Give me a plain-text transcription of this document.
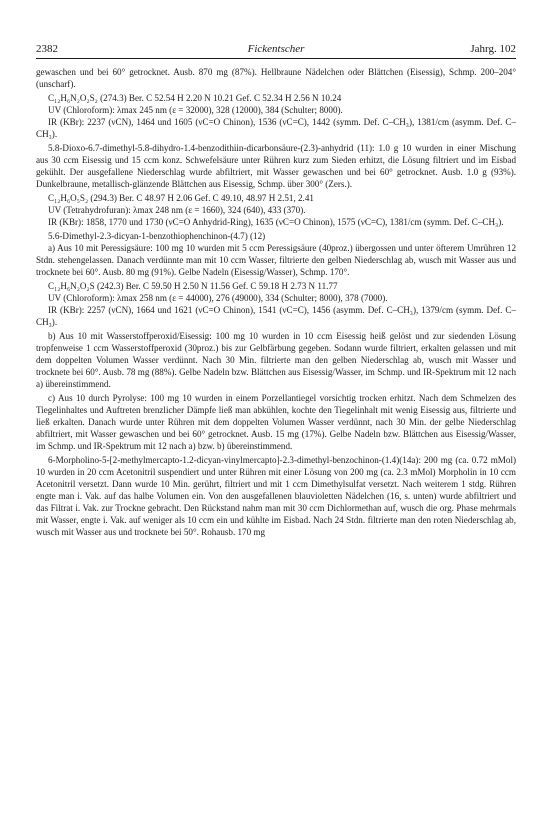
2382	Fickentscher	Jahrg. 102

gewaschen und bei 60° getrocknet. Ausb. 870 mg (87%). Hellbraune Nädelchen oder Blättchen (Eisessig), Schmp. 200–204° (unscharf).

C₁₂H₆N₂O₂S₂ (274.3) Ber. C 52.54 H 2.20 N 10.21 Gef. C 52.34 H 2.56 N 10.24

UV (Chloroform): λmax 245 nm (ε = 32000), 328 (12000), 384 (Schulter; 8000).

IR (KBr): 2237 (νCN), 1464 und 1605 (νC=O Chinon), 1536 (νC=C), 1442 (symm. Def. C–CH₃), 1381/cm (asymm. Def. C–CH₃).

5.8-Dioxo-6.7-dimethyl-5.8-dihydro-1.4-benzodithiin-dicarbonsäure-(2.3)-anhydrid (11): 1.0 g 10 wurden in einer Mischung aus 30 ccm Eisessig und 15 ccm konz. Schwefelsäure unter Rühren kurz zum Sieden erhitzt, die Lösung filtriert und im Eisbad gekühlt. Der ausgefallene Niederschlag wurde abfiltriert, mit Wasser gewaschen und bei 60° getrocknet. Ausb. 1.0 g (93%). Dunkelbraune, metallisch-glänzende Blättchen aus Eisessig, Schmp. über 300° (Zers.).

C₁₂H₆O₅S₂ (294.3) Ber. C 48.97 H 2.06 Gef. C 49.10, 48.97 H 2.51, 2.41

UV (Tetrahydrofuran): λmax 248 nm (ε = 1660), 324 (640), 433 (370).

IR (KBr): 1858, 1770 und 1730 (νC=O Anhydrid-Ring), 1635 (νC=O Chinon), 1575 (νC=C), 1381/cm (symm. Def. C–CH₃).

5.6-Dimethyl-2.3-dicyan-1-benzothiophenchinon-(4.7) (12)

a) Aus 10 mit Peressigsäure: 100 mg 10 wurden mit 5 ccm Peressigsäure (40proz.) übergossen und unter öfterem Umrühren 12 Stdn. stehengelassen. Danach verdünnte man mit 10 ccm Wasser, filtrierte den gelben Niederschlag ab, wusch mit Wasser aus und trocknete bei 60°. Ausb. 80 mg (91%). Gelbe Nadeln (Eisessig/Wasser), Schmp. 170°.

C₁₂H₆N₂O₂S (242.3) Ber. C 59.50 H 2.50 N 11.56 Gef. C 59.18 H 2.73 N 11.77

UV (Chloroform): λmax 258 nm (ε = 44000), 276 (49000), 334 (Schulter; 8000), 378 (7000).

IR (KBr): 2257 (νCN), 1664 und 1621 (νC=O Chinon), 1541 (νC=C), 1456 (asymm. Def. C–CH₃), 1379/cm (symm. Def. C–CH₃).

b) Aus 10 mit Wasserstoffperoxid/Eisessig: 100 mg 10 wurden in 10 ccm Eisessig heiß gelöst und zur siedenden Lösung tropfenweise 1 ccm Wasserstoffperoxid (30proz.) bis zur Gelbfärbung gegeben. Sodann wurde filtriert, erkalten gelassen und mit dem doppelten Volumen Wasser verdünnt. Nach 30 Min. filtrierte man den gelben Niederschlag ab, wusch mit Wasser und trocknete bei 60°. Ausb. 78 mg (88%). Gelbe Nadeln bzw. Blättchen aus Eisessig/Wasser, im Schmp. und IR-Spektrum mit 12 nach a) übereinstimmend.

c) Aus 10 durch Pyrolyse: 100 mg 10 wurden in einem Porzellantiegel vorsichtig trocken erhitzt. Nach dem Schmelzen des Tiegelinhaltes und Auftreten brenzlicher Dämpfe ließ man abkühlen, kochte den Tiegelinhalt mit wenig Eisessig aus, filtrierte und ließ erkalten. Danach wurde unter Rühren mit dem doppelten Volumen Wasser verdünnt, nach 30 Min. der gelbe Niederschlag abfiltriert, mit Wasser gewaschen und bei 60° getrocknet. Ausb. 15 mg (17%). Gelbe Nadeln bzw. Blättchen aus Eisessig/Wasser, im Schmp. und IR-Spektrum mit 12 nach a) bzw. b) übereinstimmend.

6-Morpholino-5-[2-methylmercapto-1.2-dicyan-vinylmercapto]-2.3-dimethyl-benzochinon-(1.4)(14a): 200 mg (ca. 0.72 mMol) 10 wurden in 20 ccm Acetonitril suspendiert und unter Rühren mit einer Lösung von 200 mg (ca. 2.3 mMol) Morpholin in 10 ccm Acetonitril versetzt. Dann wurde 10 Min. gerührt, filtriert und mit 1 ccm Dimethylsulfat versetzt. Nach weiterem 1 stdg. Rühren engte man i. Vak. auf das halbe Volumen ein. Von den ausgefallenen blauvioletten Nädelchen (16, s. unten) wurde abfiltriert und das Filtrat i. Vak. zur Trockne gebracht. Den Rückstand nahm man mit 30 ccm Dichlormethan auf, wusch die org. Phase mehrmals mit Wasser, engte i. Vak. auf weniger als 10 ccm ein und kühlte im Eisbad. Nach 24 Stdn. filtrierte man den roten Niederschlag ab, wusch mit Wasser aus und trocknete bei 50°. Rohausb. 170 mg
